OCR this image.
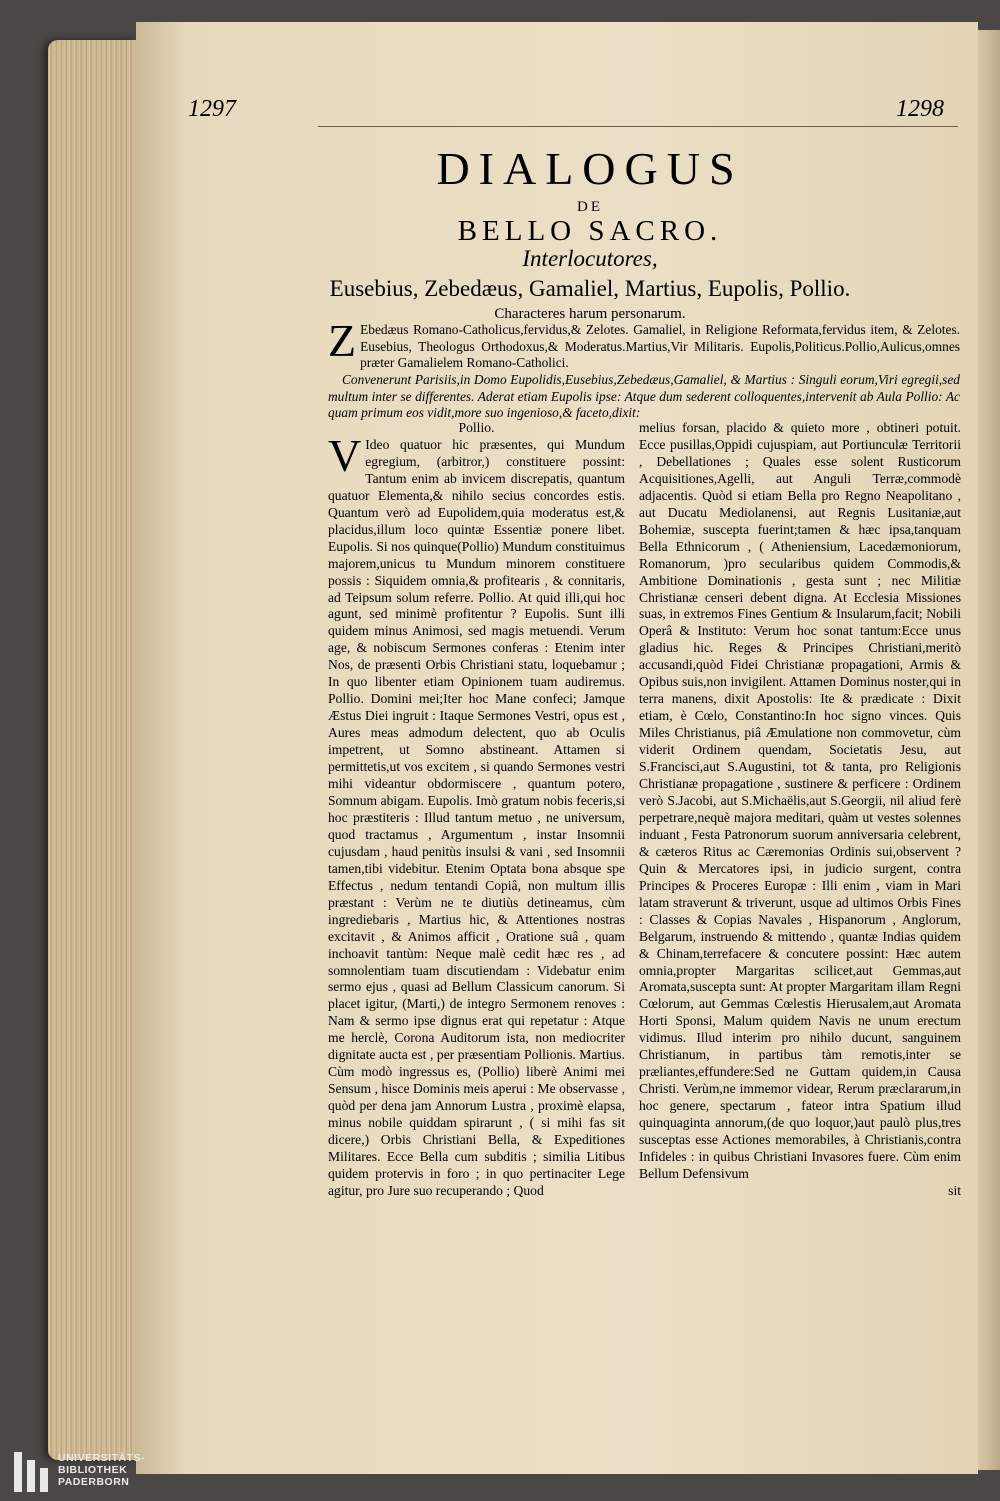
1297	1298
DIALOGUS
BELLO SACRO.
Interlocutores,
Eusebius, Zebedæus, Gamaliel, Martius, Eupolis, Pollio.
Characteres harum personarum.
DE
Z Ebedæus Romano-Catholicus,fervidus,& Zelotes. Gamaliel, in Religione Reformata,fervidus item, & Zelotes. Eusebius, Theologus Orthodoxus,& Moderatus.Martius,Vir Militaris. Eupolis,Politicus.Pollio,Aulicus,omnes præter Gamalielem Romano-Catholici.
Convenerunt Parisiis,in Domo Eupolidis,Eusebius,Zebedæus,Gamaliel, & Martius : Singuli eorum,Viri egregii,sed multum inter se differentes. Aderat etiam Eupolis ipse: Atque dum sederent colloquentes,intervenit ab Aula Pollio: Ac quam primum eos vidit,more suo ingenioso,& faceto,dixit:
Pollio.
V Ideo quatuor hic præsentes, qui Mundum egregium, (arbitror,) constituere possint: Tantum enim ab invicem discrepatis, quantum quatuor Elementa,& nihilo secius concordes estis. Quantum verò ad Eupolidem,quia moderatus est,& placidus,illum loco quintæ Essentiæ ponere libet. Eupolis. Si nos quinque(Pollio) Mundum constituimus majorem,unicus tu Mundum minorem constituere possis : Siquidem omnia,& profitearis , & connitaris, ad Teipsum solum referre. Pollio. At quid illi,qui hoc agunt, sed minimè profitentur ? Eupolis. Sunt illi quidem minus Animosi, sed magis metuendi. Verum age, & nobiscum Sermones conferas : Etenim inter Nos, de præsenti Orbis Christiani statu, loquebamur ; In quo libenter etiam Opinionem tuam audiremus. Pollio. Domini mei;Iter hoc Mane confeci; Jamque Æstus Diei ingruit : Itaque Sermones Vestri, opus est , Aures meas admodum delectent, quo ab Oculis impetrent, ut Somno abstineant. Attamen si permittetis,ut vos excitem , si quando Sermones vestri mihi videantur obdormiscere , quantum potero, Somnum abigam. Eupolis. Imò gratum nobis feceris,si hoc præstiteris : Illud tantum metuo , ne universum, quod tractamus , Argumentum , instar Insomnii cujusdam , haud penitùs insulsi & vani , sed Insomnii tamen,tibi videbitur. Etenim Optata bona absque spe Effectus , nedum tentandi Copiâ, non multum illis præstant : Verùm ne te diutiùs detineamus, cùm ingrediebaris , Martius hic, & Attentiones nostras excitavit , & Animos afficit , Oratione suâ , quam inchoavit tantùm: Neque malè cedit hæc res , ad somnolentiam tuam discutiendam : Videbatur enim sermo ejus , quasi ad Bellum Classicum canorum. Si placet igitur, (Marti,) de integro Sermonem renoves : Nam & sermo ipse dignus erat qui repetatur : Atque me herclè, Corona Auditorum ista, non mediocriter dignitate aucta est , per præsentiam Pollionis. Martius. Cùm modò ingressus es, (Pollio) liberè Animi mei Sensum , hisce Dominis meis aperui : Me observasse , quòd per dena jam Annorum Lustra , proximè elapsa, minus nobile quiddam spirarunt , ( si mihi fas sit dicere,) Orbis Christiani Bella, & Expeditiones Militares. Ecce Bella cum subditis ; similia Litibus quidem protervis in foro ; in quo pertinaciter Lege agitur, pro Jure suo recuperando ; Quod
melius forsan, placido & quieto more , obtineri potuit. Ecce pusillas,Oppidi cujuspiam, aut Portiunculæ Territorii , Debellationes ; Quales esse solent Rusticorum Acquisitiones,Agelli, aut Anguli Terræ,commodè adjacentis. Quòd si etiam Bella pro Regno Neapolitano , aut Ducatu Mediolanensi, aut Regnis Lusitaniæ,aut Bohemiæ, suscepta fuerint;tamen & hæc ipsa,tanquam Bella Ethnicorum , ( Atheniensium, Lacedæmoniorum, Romanorum, )pro secularibus quidem Commodis,& Ambitione Dominationis , gesta sunt ; nec Militiæ Christianæ censeri debent digna. At Ecclesia Missiones suas, in extremos Fines Gentium & Insularum,facit; Nobili Operâ & Instituto: Verum hoc sonat tantum:Ecce unus gladius hic. Reges & Principes Christiani,meritò accusandi,quòd Fidei Christianæ propagationi, Armis & Opibus suis,non invigilent. Attamen Dominus noster,qui in terra manens, dixit Apostolis: Ite & prædicate : Dixit etiam, è Cœlo, Constantino:In hoc signo vinces. Quis Miles Christianus, piâ Æmulatione non commovetur, cùm viderit Ordinem quendam, Societatis Jesu, aut S.Francisci,aut S.Augustini, tot & tanta, pro Religionis Christianæ propagatione , sustinere & perficere : Ordinem verò S.Jacobi, aut S.Michaëlis,aut S.Georgii, nil aliud ferè perpetrare,nequè majora meditari, quàm ut vestes solennes induant , Festa Patronorum suorum anniversaria celebrent, & cæteros Ritus ac Cæremonias Ordinis sui,observent ? Quin & Mercatores ipsi, in judicio surgent, contra Principes & Proceres Europæ : Illi enim , viam in Mari latam straverunt & triverunt, usque ad ultimos Orbis Fines : Classes & Copias Navales , Hispanorum , Anglorum, Belgarum, instruendo & mittendo , quantæ Indias quidem & Chinam,terrefacere & concutere possint: Hæc autem omnia,propter Margaritas scilicet,aut Gemmas,aut Aromata,suscepta sunt: At propter Margaritam illam Regni Cœlorum, aut Gemmas Cœlestis Hierusalem,aut Aromata Horti Sponsi, Malum quidem Navis ne unum erectum vidimus. Illud interim pro nihilo ducunt, sanguinem Christianum, in partibus tàm remotis,inter se præliantes,effundere:Sed ne Guttam quidem,in Causa Christi. Verùm,ne immemor videar, Rerum præclararum,in hoc genere, spectarum , fateor intra Spatium illud quinquaginta annorum,(de quo loquor,)aut paulò plus,tres susceptas esse Actiones memorabiles, à Christianis,contra Infideles : in quibus Christiani Invasores fuere. Cùm enim Bellum Defensivum
sit

UNIVERSITÄTS-
BIBLIOTHEK
PADERBORN
